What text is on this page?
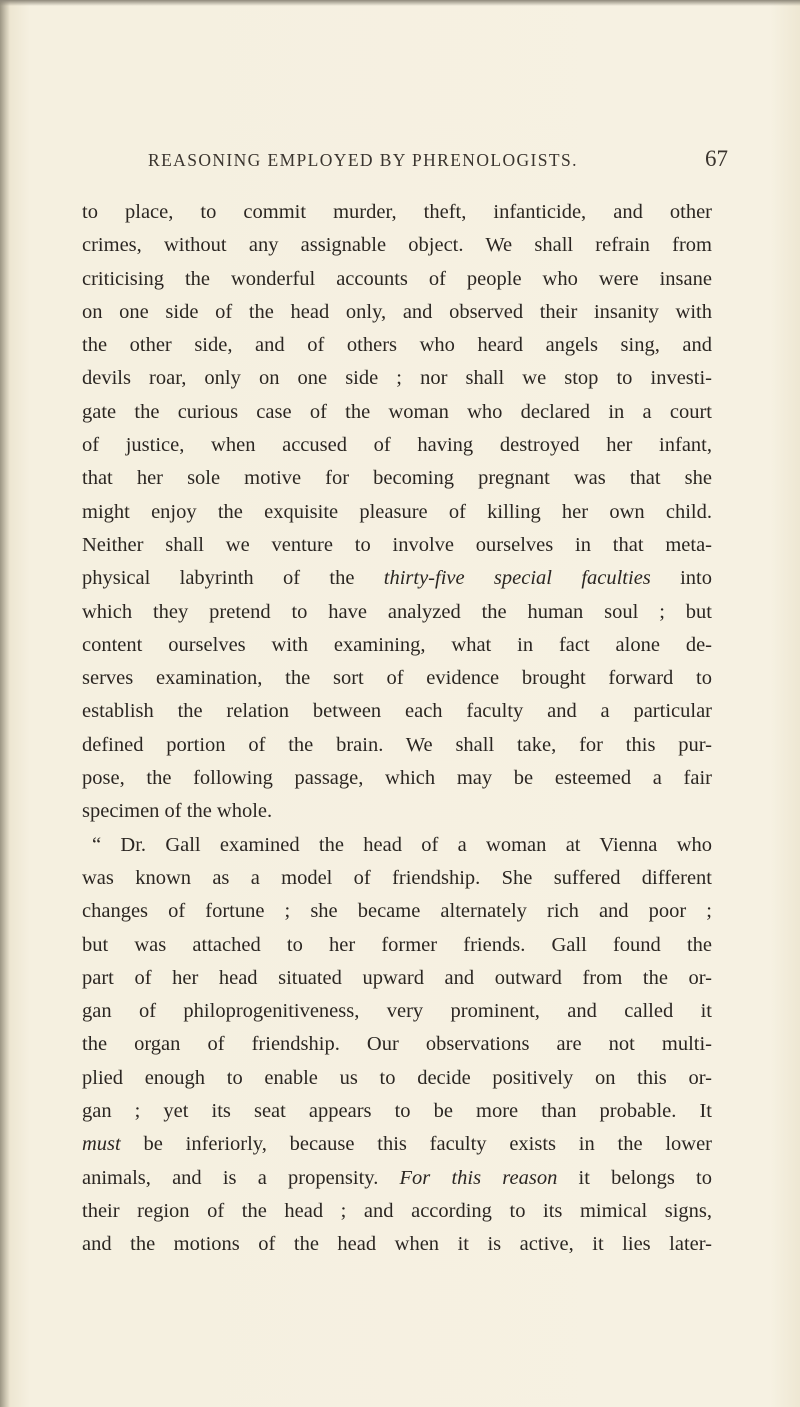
REASONING EMPLOYED BY PHRENOLOGISTS.	67
to place, to commit murder, theft, infanticide, and other
crimes, without any assignable object. We shall refrain from
criticising the wonderful accounts of people who were insane
on one side of the head only, and observed their insanity with
the other side, and of others who heard angels sing, and
devils roar, only on one side ; nor shall we stop to investi-
gate the curious case of the woman who declared in a court
of justice, when accused of having destroyed her infant,
that her sole motive for becoming pregnant was that she
might enjoy the exquisite pleasure of killing her own child.
Neither shall we venture to involve ourselves in that meta-
physical labyrinth of the thirty-five special faculties into
which they pretend to have analyzed the human soul ; but
content ourselves with examining, what in fact alone de-
serves examination, the sort of evidence brought forward to
establish the relation between each faculty and a particular
defined portion of the brain. We shall take, for this pur-
pose, the following passage, which may be esteemed a fair
specimen of the whole.
“ Dr. Gall examined the head of a woman at Vienna who
was known as a model of friendship. She suffered different
changes of fortune ; she became alternately rich and poor ;
but was attached to her former friends. Gall found the
part of her head situated upward and outward from the or-
gan of philoprogenitiveness, very prominent, and called it
the organ of friendship. Our observations are not multi-
plied enough to enable us to decide positively on this or-
gan ; yet its seat appears to be more than probable. It
must be inferiorly, because this faculty exists in the lower
animals, and is a propensity. For this reason it belongs to
their region of the head ; and according to its mimical signs,
and the motions of the head when it is active, it lies later-
